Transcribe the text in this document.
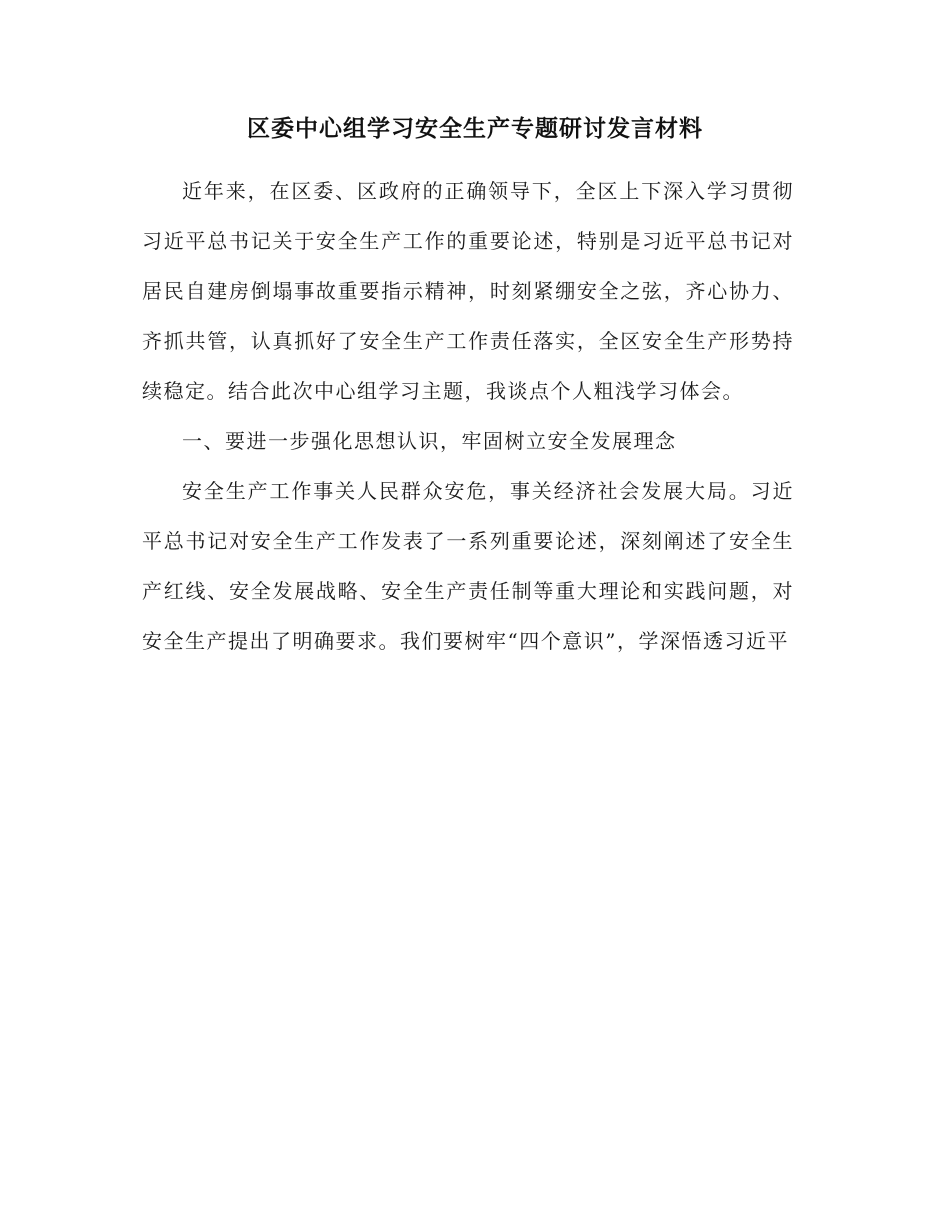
区委中心组学习安全生产专题研讨发言材料

近年来，在区委、区政府的正确领导下，全区上下深入学习贯彻习近平总书记关于安全生产工作的重要论述，特别是习近平总书记对居民自建房倒塌事故重要指示精神，时刻紧绷安全之弦，齐心协力、齐抓共管，认真抓好了安全生产工作责任落实，全区安全生产形势持续稳定。结合此次中心组学习主题，我谈点个人粗浅学习体会。

一、要进一步强化思想认识，牢固树立安全发展理念

安全生产工作事关人民群众安危，事关经济社会发展大局。习近平总书记对安全生产工作发表了一系列重要论述，深刻阐述了安全生产红线、安全发展战略、安全生产责任制等重大理论和实践问题，对安全生产提出了明确要求。我们要树牢“四个意识”，学深悟透习近平
